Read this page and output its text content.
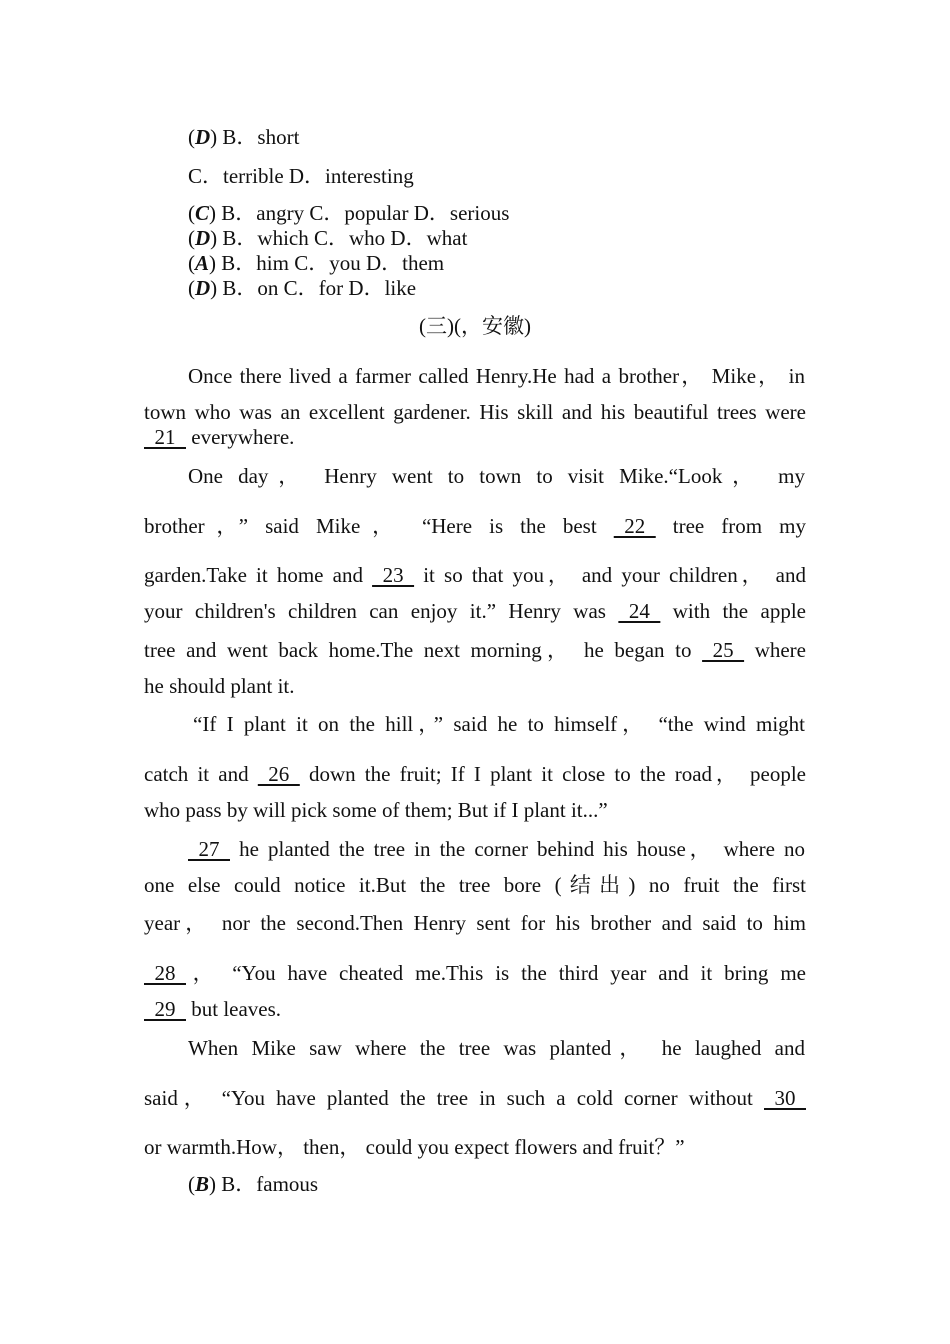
(D) B．short
C．terrible D．interesting
(C) B．angry C．popular D．serious
(D) B．which C．who D．what
(A) B．him C．you D．them
(D) B．on C．for D．like
(三)(，安徽)
Once there lived a farmer called Henry.He had a brother， Mike， in
town who was an excellent gardener. His skill and his beautiful trees were
21   everywhere.
One day， Henry went to town to visit Mike.“Look， my
brother，” said Mike， “Here is the best   22   tree from my
garden.Take it home and   23   it so that you， and your children， and
your children's children can enjoy it.” Henry was   24   with the apple
tree and went back home.The next morning， he began to   25   where
he should plant it.
“If I plant it on the hill，” said he to himself， “the wind might
catch it and   26   down the fruit; If I plant it close to the road， people
who pass by will pick some of them; But if I plant it...”
27   he planted the tree in the corner behind his house， where no
one else could notice it.But the tree bore (结出) no fruit the first
year， nor the second.Then Henry sent for his brother and said to him
28  ， “You have cheated me.This is the third year and it bring me
29   but leaves.
When Mike saw where the tree was planted， he laughed and
said， “You have planted the tree in such a cold corner without   30
or warmth.How， then， could you expect flowers and fruit？”
(B) B．famous
